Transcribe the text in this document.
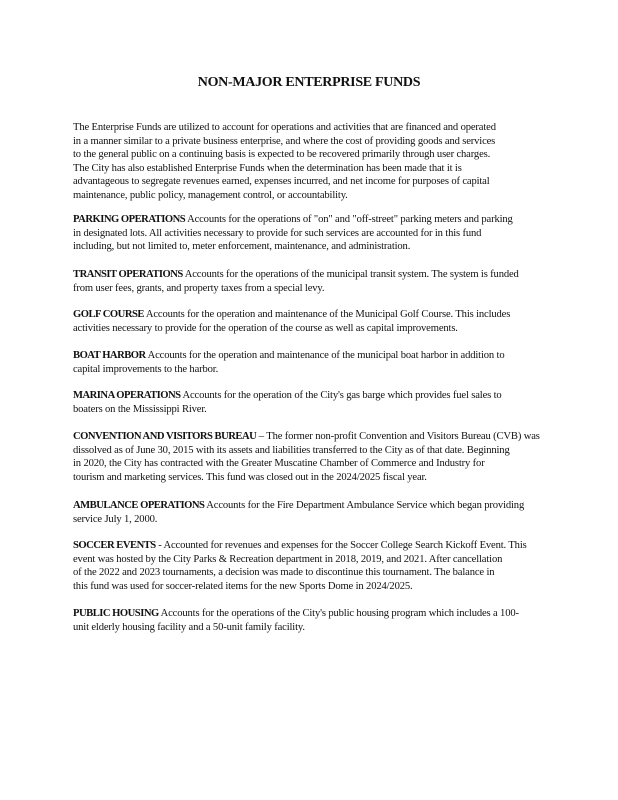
NON-MAJOR ENTERPRISE FUNDS
The Enterprise Funds are utilized to account for operations and activities that are financed and operated
in a manner similar to a private business enterprise, and where the cost of providing goods and services
to the general public on a continuing basis is expected to be recovered primarily through user charges.
The City has also established Enterprise Funds when the determination has been made that it is
advantageous to segregate revenues earned, expenses incurred, and net income for purposes of capital
maintenance, public policy, management control, or accountability.
PARKING OPERATIONS Accounts for the operations of "on" and "off-street" parking meters and parking
in designated lots. All activities necessary to provide for such services are accounted for in this fund
including, but not limited to, meter enforcement, maintenance, and administration.
TRANSIT OPERATIONS Accounts for the operations of the municipal transit system. The system is funded
from user fees, grants, and property taxes from a special levy.
GOLF COURSE Accounts for the operation and maintenance of the Municipal Golf Course. This includes
activities necessary to provide for the operation of the course as well as capital improvements.
BOAT HARBOR Accounts for the operation and maintenance of the municipal boat harbor in addition to
capital improvements to the harbor.
MARINA OPERATIONS Accounts for the operation of the City's gas barge which provides fuel sales to
boaters on the Mississippi River.
CONVENTION AND VISITORS BUREAU – The former non-profit Convention and Visitors Bureau (CVB) was
dissolved as of June 30, 2015 with its assets and liabilities transferred to the City as of that date. Beginning
in 2020, the City has contracted with the Greater Muscatine Chamber of Commerce and Industry for
tourism and marketing services. This fund was closed out in the 2024/2025 fiscal year.
AMBULANCE OPERATIONS Accounts for the Fire Department Ambulance Service which began providing
service July 1, 2000.
SOCCER EVENTS - Accounted for revenues and expenses for the Soccer College Search Kickoff Event. This
event was hosted by the City Parks & Recreation department in 2018, 2019, and 2021. After cancellation
of the 2022 and 2023 tournaments, a decision was made to discontinue this tournament. The balance in
this fund was used for soccer-related items for the new Sports Dome in 2024/2025.
PUBLIC HOUSING Accounts for the operations of the City's public housing program which includes a 100-
unit elderly housing facility and a 50-unit family facility.
